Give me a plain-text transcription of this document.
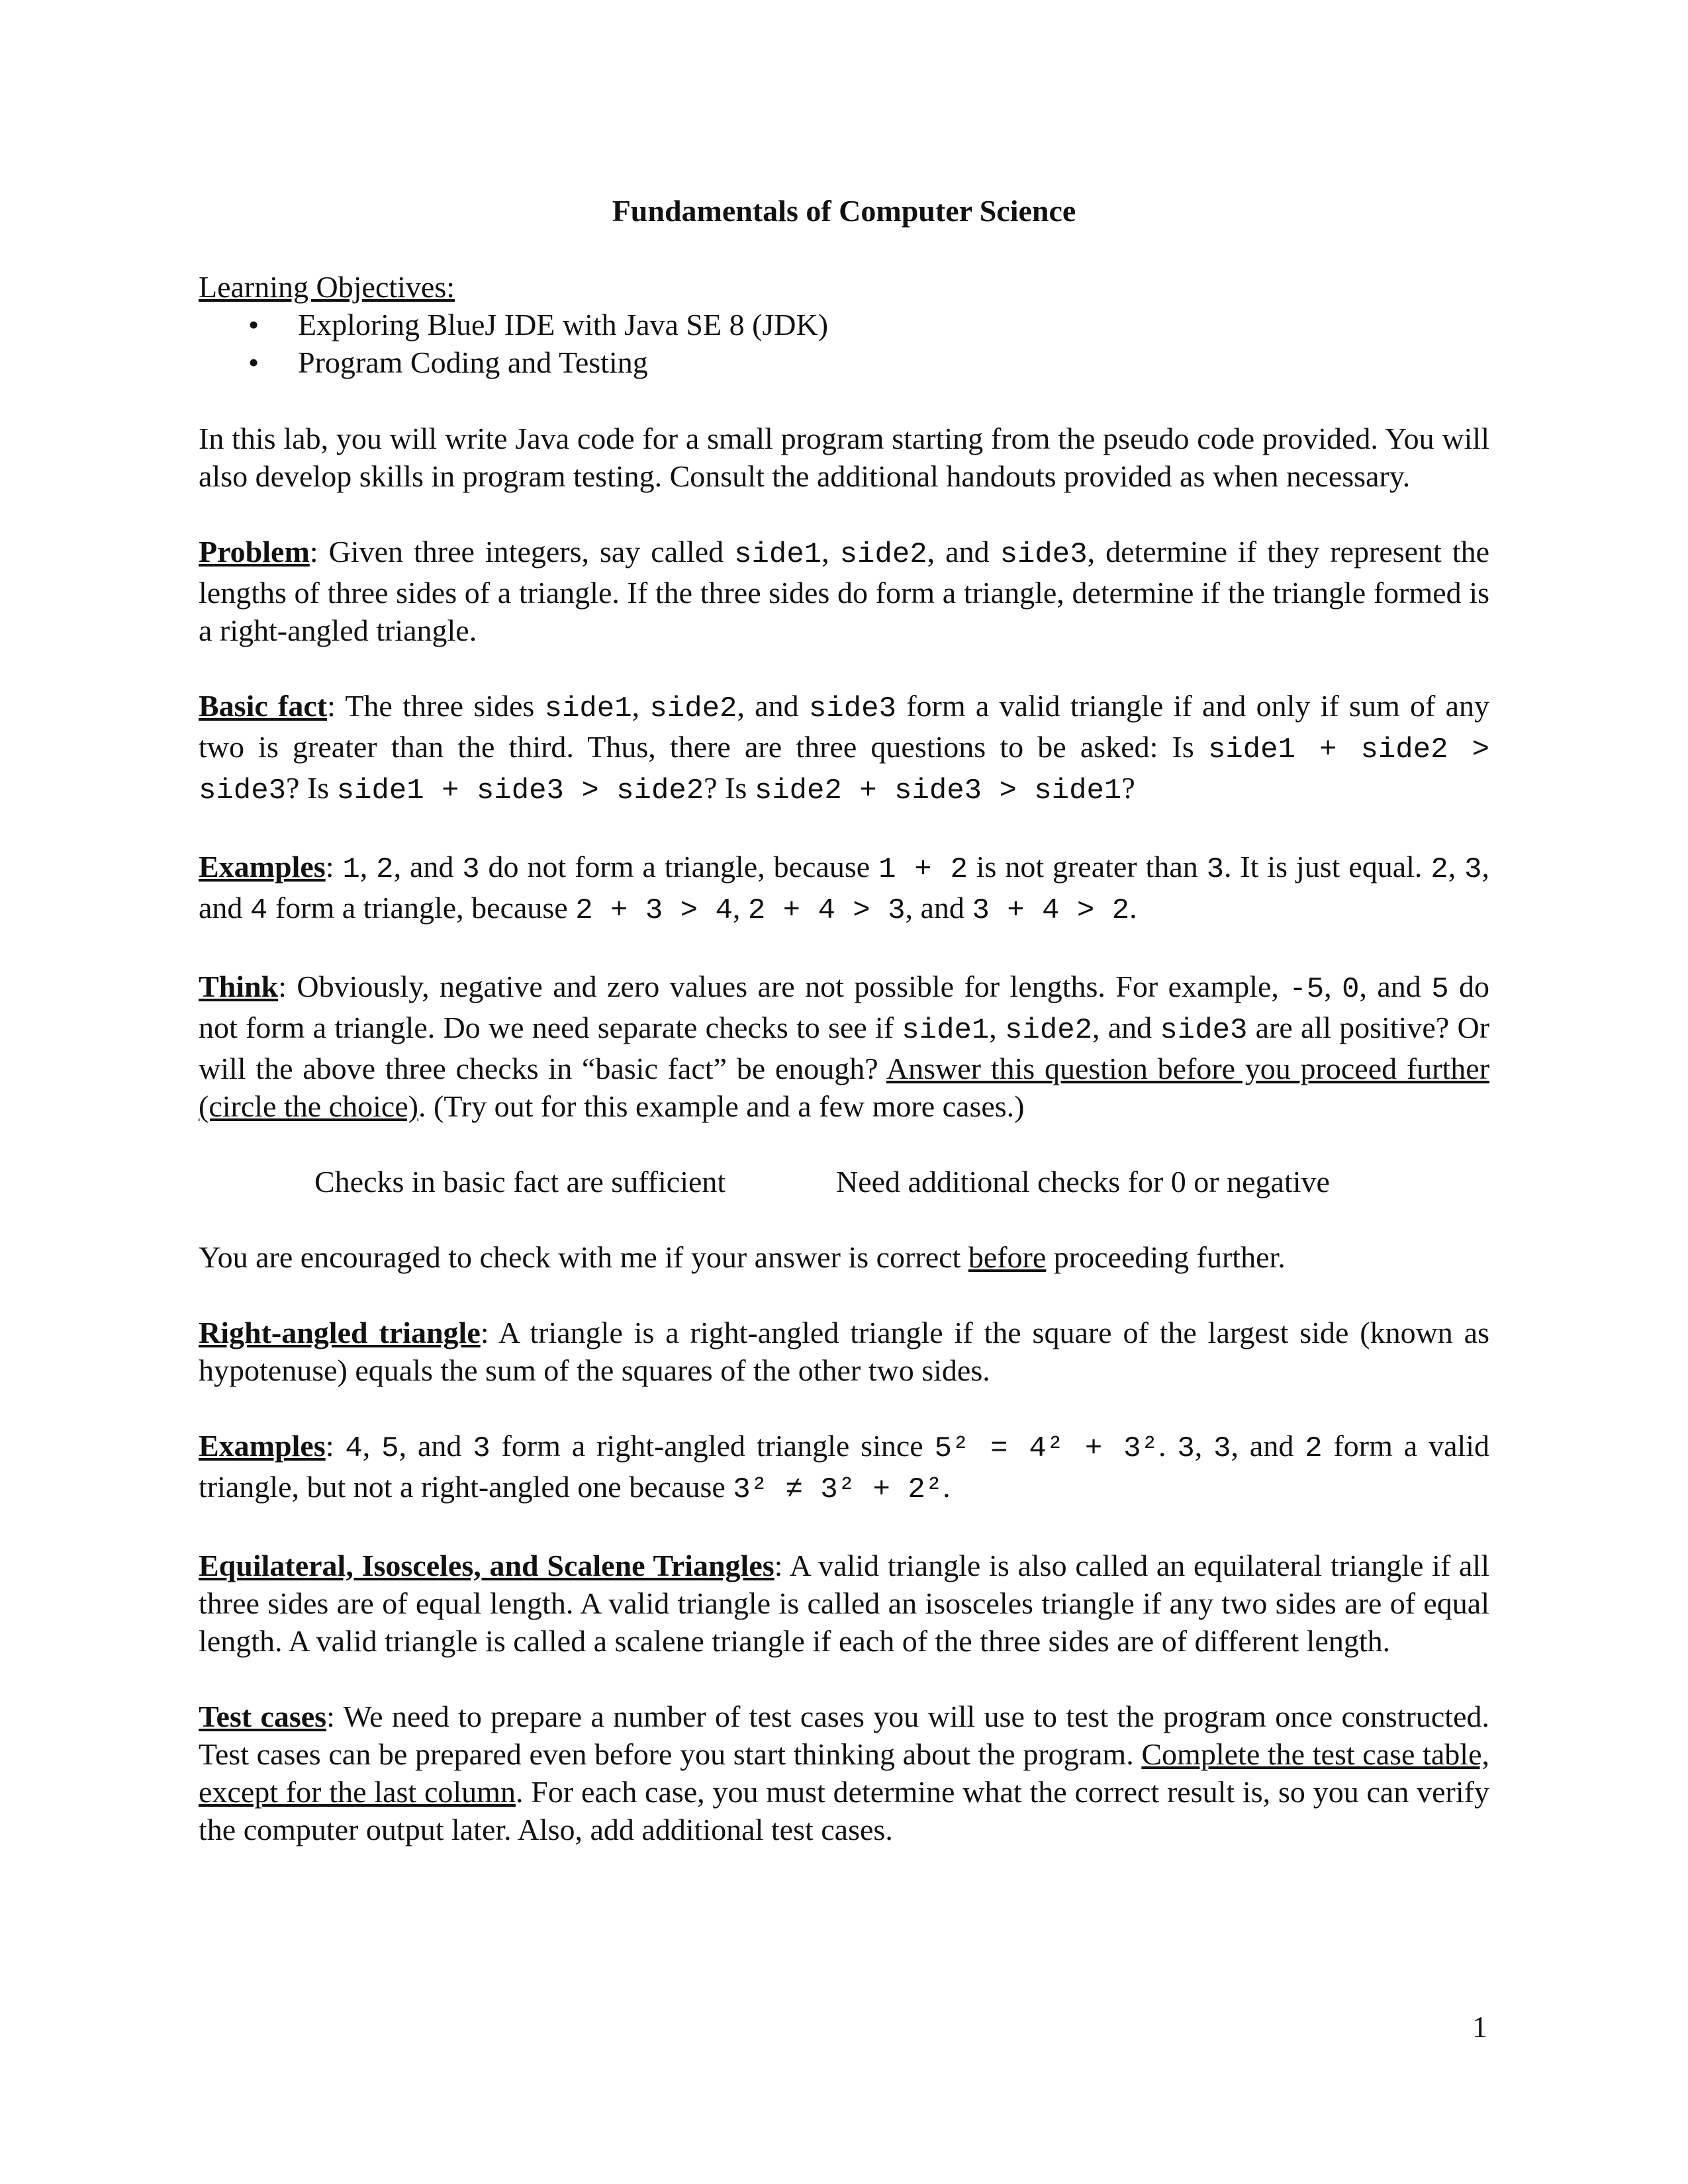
Fundamentals of Computer Science
Learning Objectives:
• Exploring BlueJ IDE with Java SE 8 (JDK)
• Program Coding and Testing

In this lab, you will write Java code for a small program starting from the pseudo code provided. You will also develop skills in program testing. Consult the additional handouts provided as when necessary.

Problem: Given three integers, say called side1, side2, and side3, determine if they represent the lengths of three sides of a triangle. If the three sides do form a triangle, determine if the triangle formed is a right-angled triangle.

Basic fact: The three sides side1, side2, and side3 form a valid triangle if and only if sum of any two is greater than the third. Thus, there are three questions to be asked: Is side1 + side2 > side3? Is side1 + side3 > side2? Is side2 + side3 > side1?

Examples: 1, 2, and 3 do not form a triangle, because 1 + 2 is not greater than 3. It is just equal. 2, 3, and 4 form a triangle, because 2 + 3 > 4, 2 + 4 > 3, and 3 + 4 > 2.

Think: Obviously, negative and zero values are not possible for lengths. For example, -5, 0, and 5 do not form a triangle. Do we need separate checks to see if side1, side2, and side3 are all positive? Or will the above three checks in “basic fact” be enough? Answer this question before you proceed further (circle the choice). (Try out for this example and a few more cases.)

Checks in basic fact are sufficient	Need additional checks for 0 or negative

You are encouraged to check with me if your answer is correct before proceeding further.

Right-angled triangle: A triangle is a right-angled triangle if the square of the largest side (known as hypotenuse) equals the sum of the squares of the other two sides.

Examples: 4, 5, and 3 form a right-angled triangle since 5² = 4² + 3². 3, 3, and 2 form a valid triangle, but not a right-angled one because 3² ≠ 3² + 2².

Equilateral, Isosceles, and Scalene Triangles: A valid triangle is also called an equilateral triangle if all three sides are of equal length. A valid triangle is called an isosceles triangle if any two sides are of equal length. A valid triangle is called a scalene triangle if each of the three sides are of different length.

Test cases: We need to prepare a number of test cases you will use to test the program once constructed. Test cases can be prepared even before you start thinking about the program. Complete the test case table, except for the last column. For each case, you must determine what the correct result is, so you can verify the computer output later. Also, add additional test cases.

1
